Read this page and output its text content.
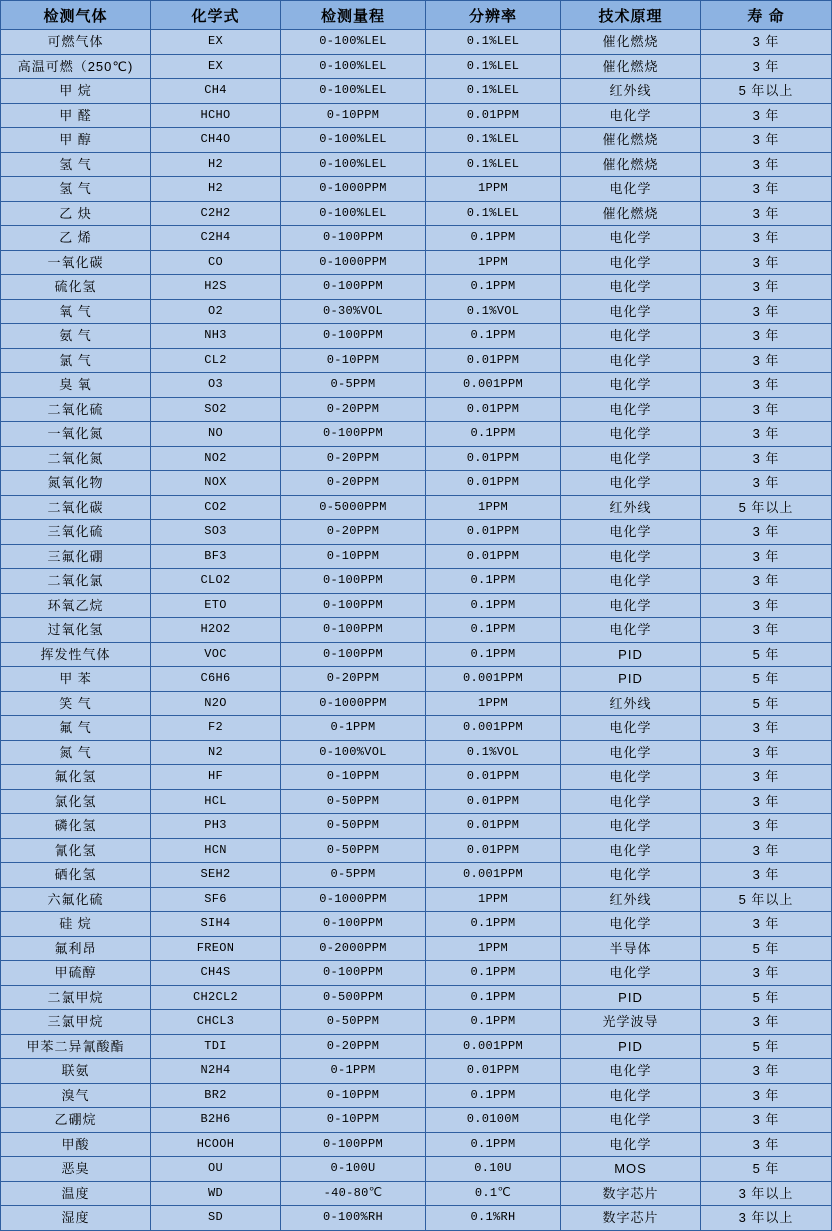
检测气体	化学式	检测量程	分辨率	技术原理	寿 命
可燃气体	EX	0-100%LEL	0.1%LEL	催化燃烧	3 年
高温可燃（250℃)	EX	0-100%LEL	0.1%LEL	催化燃烧	3 年
甲 烷	CH4	0-100%LEL	0.1%LEL	红外线	5 年以上
甲 醛	HCHO	0-10PPM	0.01PPM	电化学	3 年
甲 醇	CH4O	0-100%LEL	0.1%LEL	催化燃烧	3 年
氢 气	H2	0-100%LEL	0.1%LEL	催化燃烧	3 年
氢 气	H2	0-1000PPM	1PPM	电化学	3 年
乙 炔	C2H2	0-100%LEL	0.1%LEL	催化燃烧	3 年
乙 烯	C2H4	0-100PPM	0.1PPM	电化学	3 年
一氧化碳	CO	0-1000PPM	1PPM	电化学	3 年
硫化氢	H2S	0-100PPM	0.1PPM	电化学	3 年
氧 气	O2	0-30%VOL	0.1%VOL	电化学	3 年
氨 气	NH3	0-100PPM	0.1PPM	电化学	3 年
氯 气	CL2	0-10PPM	0.01PPM	电化学	3 年
臭 氧	O3	0-5PPM	0.001PPM	电化学	3 年
二氧化硫	SO2	0-20PPM	0.01PPM	电化学	3 年
一氧化氮	NO	0-100PPM	0.1PPM	电化学	3 年
二氧化氮	NO2	0-20PPM	0.01PPM	电化学	3 年
氮氧化物	NOX	0-20PPM	0.01PPM	电化学	3 年
二氧化碳	CO2	0-5000PPM	1PPM	红外线	5 年以上
三氧化硫	SO3	0-20PPM	0.01PPM	电化学	3 年
三氟化硼	BF3	0-10PPM	0.01PPM	电化学	3 年
二氧化氯	CLO2	0-100PPM	0.1PPM	电化学	3 年
环氧乙烷	ETO	0-100PPM	0.1PPM	电化学	3 年
过氧化氢	H2O2	0-100PPM	0.1PPM	电化学	3 年
挥发性气体	VOC	0-100PPM	0.1PPM	PID	5 年
甲 苯	C6H6	0-20PPM	0.001PPM	PID	5 年
笑 气	N2O	0-1000PPM	1PPM	红外线	5 年
氟 气	F2	0-1PPM	0.001PPM	电化学	3 年
氮 气	N2	0-100%VOL	0.1%VOL	电化学	3 年
氟化氢	HF	0-10PPM	0.01PPM	电化学	3 年
氯化氢	HCL	0-50PPM	0.01PPM	电化学	3 年
磷化氢	PH3	0-50PPM	0.01PPM	电化学	3 年
氰化氢	HCN	0-50PPM	0.01PPM	电化学	3 年
硒化氢	SEH2	0-5PPM	0.001PPM	电化学	3 年
六氟化硫	SF6	0-1000PPM	1PPM	红外线	5 年以上
硅 烷	SIH4	0-100PPM	0.1PPM	电化学	3 年
氟利昂	FREON	0-2000PPM	1PPM	半导体	5 年
甲硫醇	CH4S	0-100PPM	0.1PPM	电化学	3 年
二氯甲烷	CH2CL2	0-500PPM	0.1PPM	PID	5 年
三氯甲烷	CHCL3	0-50PPM	0.1PPM	光学波导	3 年
甲苯二异氰酸酯	TDI	0-20PPM	0.001PPM	PID	5 年
联氨	N2H4	0-1PPM	0.01PPM	电化学	3 年
溴气	BR2	0-10PPM	0.1PPM	电化学	3 年
乙硼烷	B2H6	0-10PPM	0.0100M	电化学	3 年
甲酸	HCOOH	0-100PPM	0.1PPM	电化学	3 年
恶臭	OU	0-100U	0.10U	MOS	5 年
温度	WD	-40-80℃	0.1℃	数字芯片	3 年以上
湿度	SD	0-100%RH	0.1%RH	数字芯片	3 年以上
